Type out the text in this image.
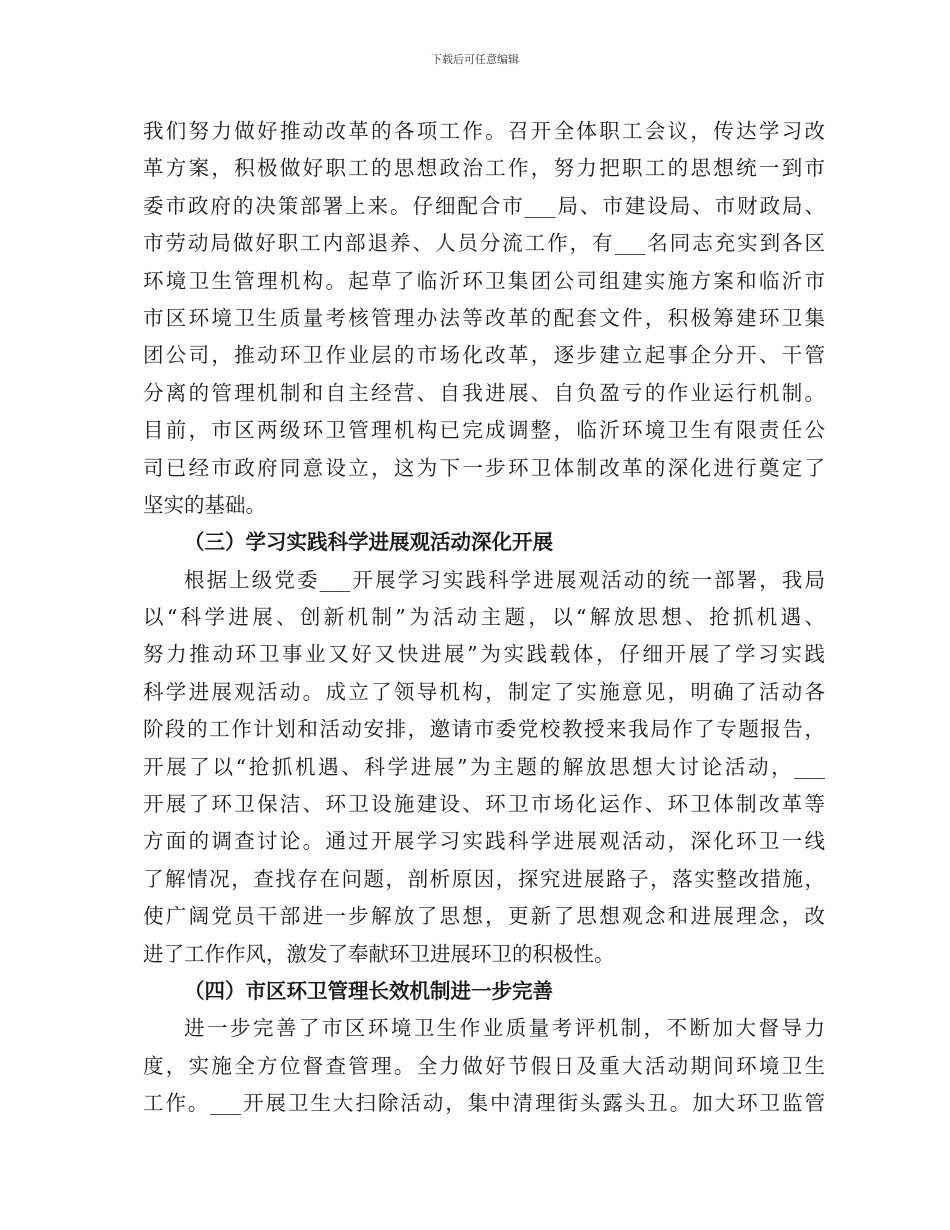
下载后可任意编辑
我们努力做好推动改革的各项工作。召开全体职工会议，传达学习改
革方案，积极做好职工的思想政治工作，努力把职工的思想统一到市
委市政府的决策部署上来。仔细配合市___局、市建设局、市财政局、
市劳动局做好职工内部退养、人员分流工作，有___名同志充实到各区
环境卫生管理机构。起草了临沂环卫集团公司组建实施方案和临沂市
市区环境卫生质量考核管理办法等改革的配套文件，积极筹建环卫集
团公司，推动环卫作业层的市场化改革，逐步建立起事企分开、干管
分离的管理机制和自主经营、自我进展、自负盈亏的作业运行机制。
目前，市区两级环卫管理机构已完成调整，临沂环境卫生有限责任公
司已经市政府同意设立，这为下一步环卫体制改革的深化进行奠定了
坚实的基础。
（三）学习实践科学进展观活动深化开展
根据上级党委___开展学习实践科学进展观活动的统一部署，我局
以“科学进展、创新机制”为活动主题，以“解放思想、抢抓机遇、
努力推动环卫事业又好又快进展”为实践载体，仔细开展了学习实践
科学进展观活动。成立了领导机构，制定了实施意见，明确了活动各
阶段的工作计划和活动安排，邀请市委党校教授来我局作了专题报告，
开展了以“抢抓机遇、科学进展”为主题的解放思想大讨论活动，___
开展了环卫保洁、环卫设施建设、环卫市场化运作、环卫体制改革等
方面的调查讨论。通过开展学习实践科学进展观活动，深化环卫一线
了解情况，查找存在问题，剖析原因，探究进展路子，落实整改措施，
使广阔党员干部进一步解放了思想，更新了思想观念和进展理念，改
进了工作作风，激发了奉献环卫进展环卫的积极性。
（四）市区环卫管理长效机制进一步完善
进一步完善了市区环境卫生作业质量考评机制，不断加大督导力
度，实施全方位督查管理。全力做好节假日及重大活动期间环境卫生
工作。___开展卫生大扫除活动，集中清理街头露头丑。加大环卫监管
